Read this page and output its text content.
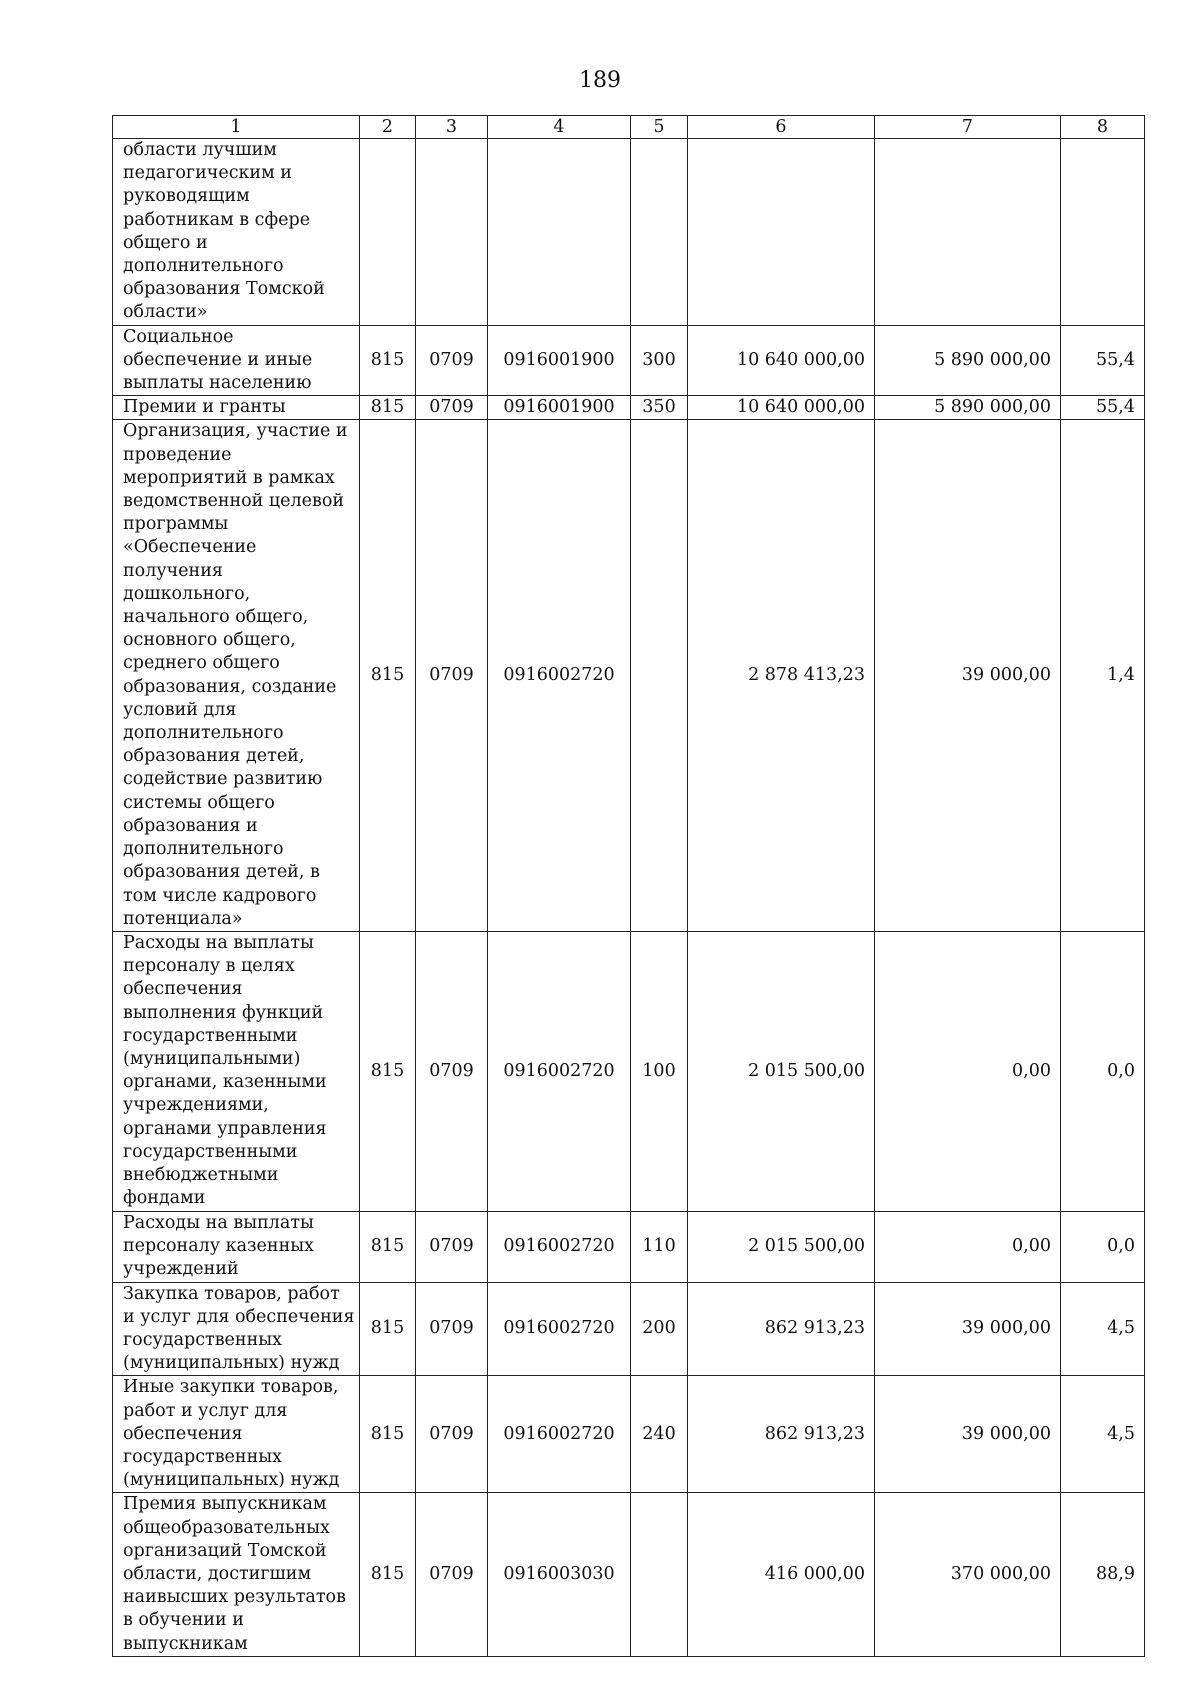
189
1	2	3	4	5	6	7	8
области лучшим педагогическим и руководящим работникам в сфере общего и дополнительного образования Томской области»							
Социальное обеспечение и иные выплаты населению	815	0709	0916001900	300	10 640 000,00	5 890 000,00	55,4
Премии и гранты	815	0709	0916001900	350	10 640 000,00	5 890 000,00	55,4
Организация, участие и проведение мероприятий в рамках ведомственной целевой программы «Обеспечение получения дошкольного, начального общего, основного общего, среднего общего образования, создание условий для дополнительного образования детей, содействие развитию системы общего образования и дополнительного образования детей, в том числе кадрового потенциала»	815	0709	0916002720		2 878 413,23	39 000,00	1,4
Расходы на выплаты персоналу в целях обеспечения выполнения функций государственными (муниципальными) органами, казенными учреждениями, органами управления государственными внебюджетными фондами	815	0709	0916002720	100	2 015 500,00	0,00	0,0
Расходы на выплаты персоналу казенных учреждений	815	0709	0916002720	110	2 015 500,00	0,00	0,0
Закупка товаров, работ и услуг для обеспечения государственных (муниципальных) нужд	815	0709	0916002720	200	862 913,23	39 000,00	4,5
Иные закупки товаров, работ и услуг для обеспечения государственных (муниципальных) нужд	815	0709	0916002720	240	862 913,23	39 000,00	4,5
Премия выпускникам общеобразовательных организаций Томской области, достигшим наивысших результатов в обучении и выпускникам	815	0709	0916003030		416 000,00	370 000,00	88,9
